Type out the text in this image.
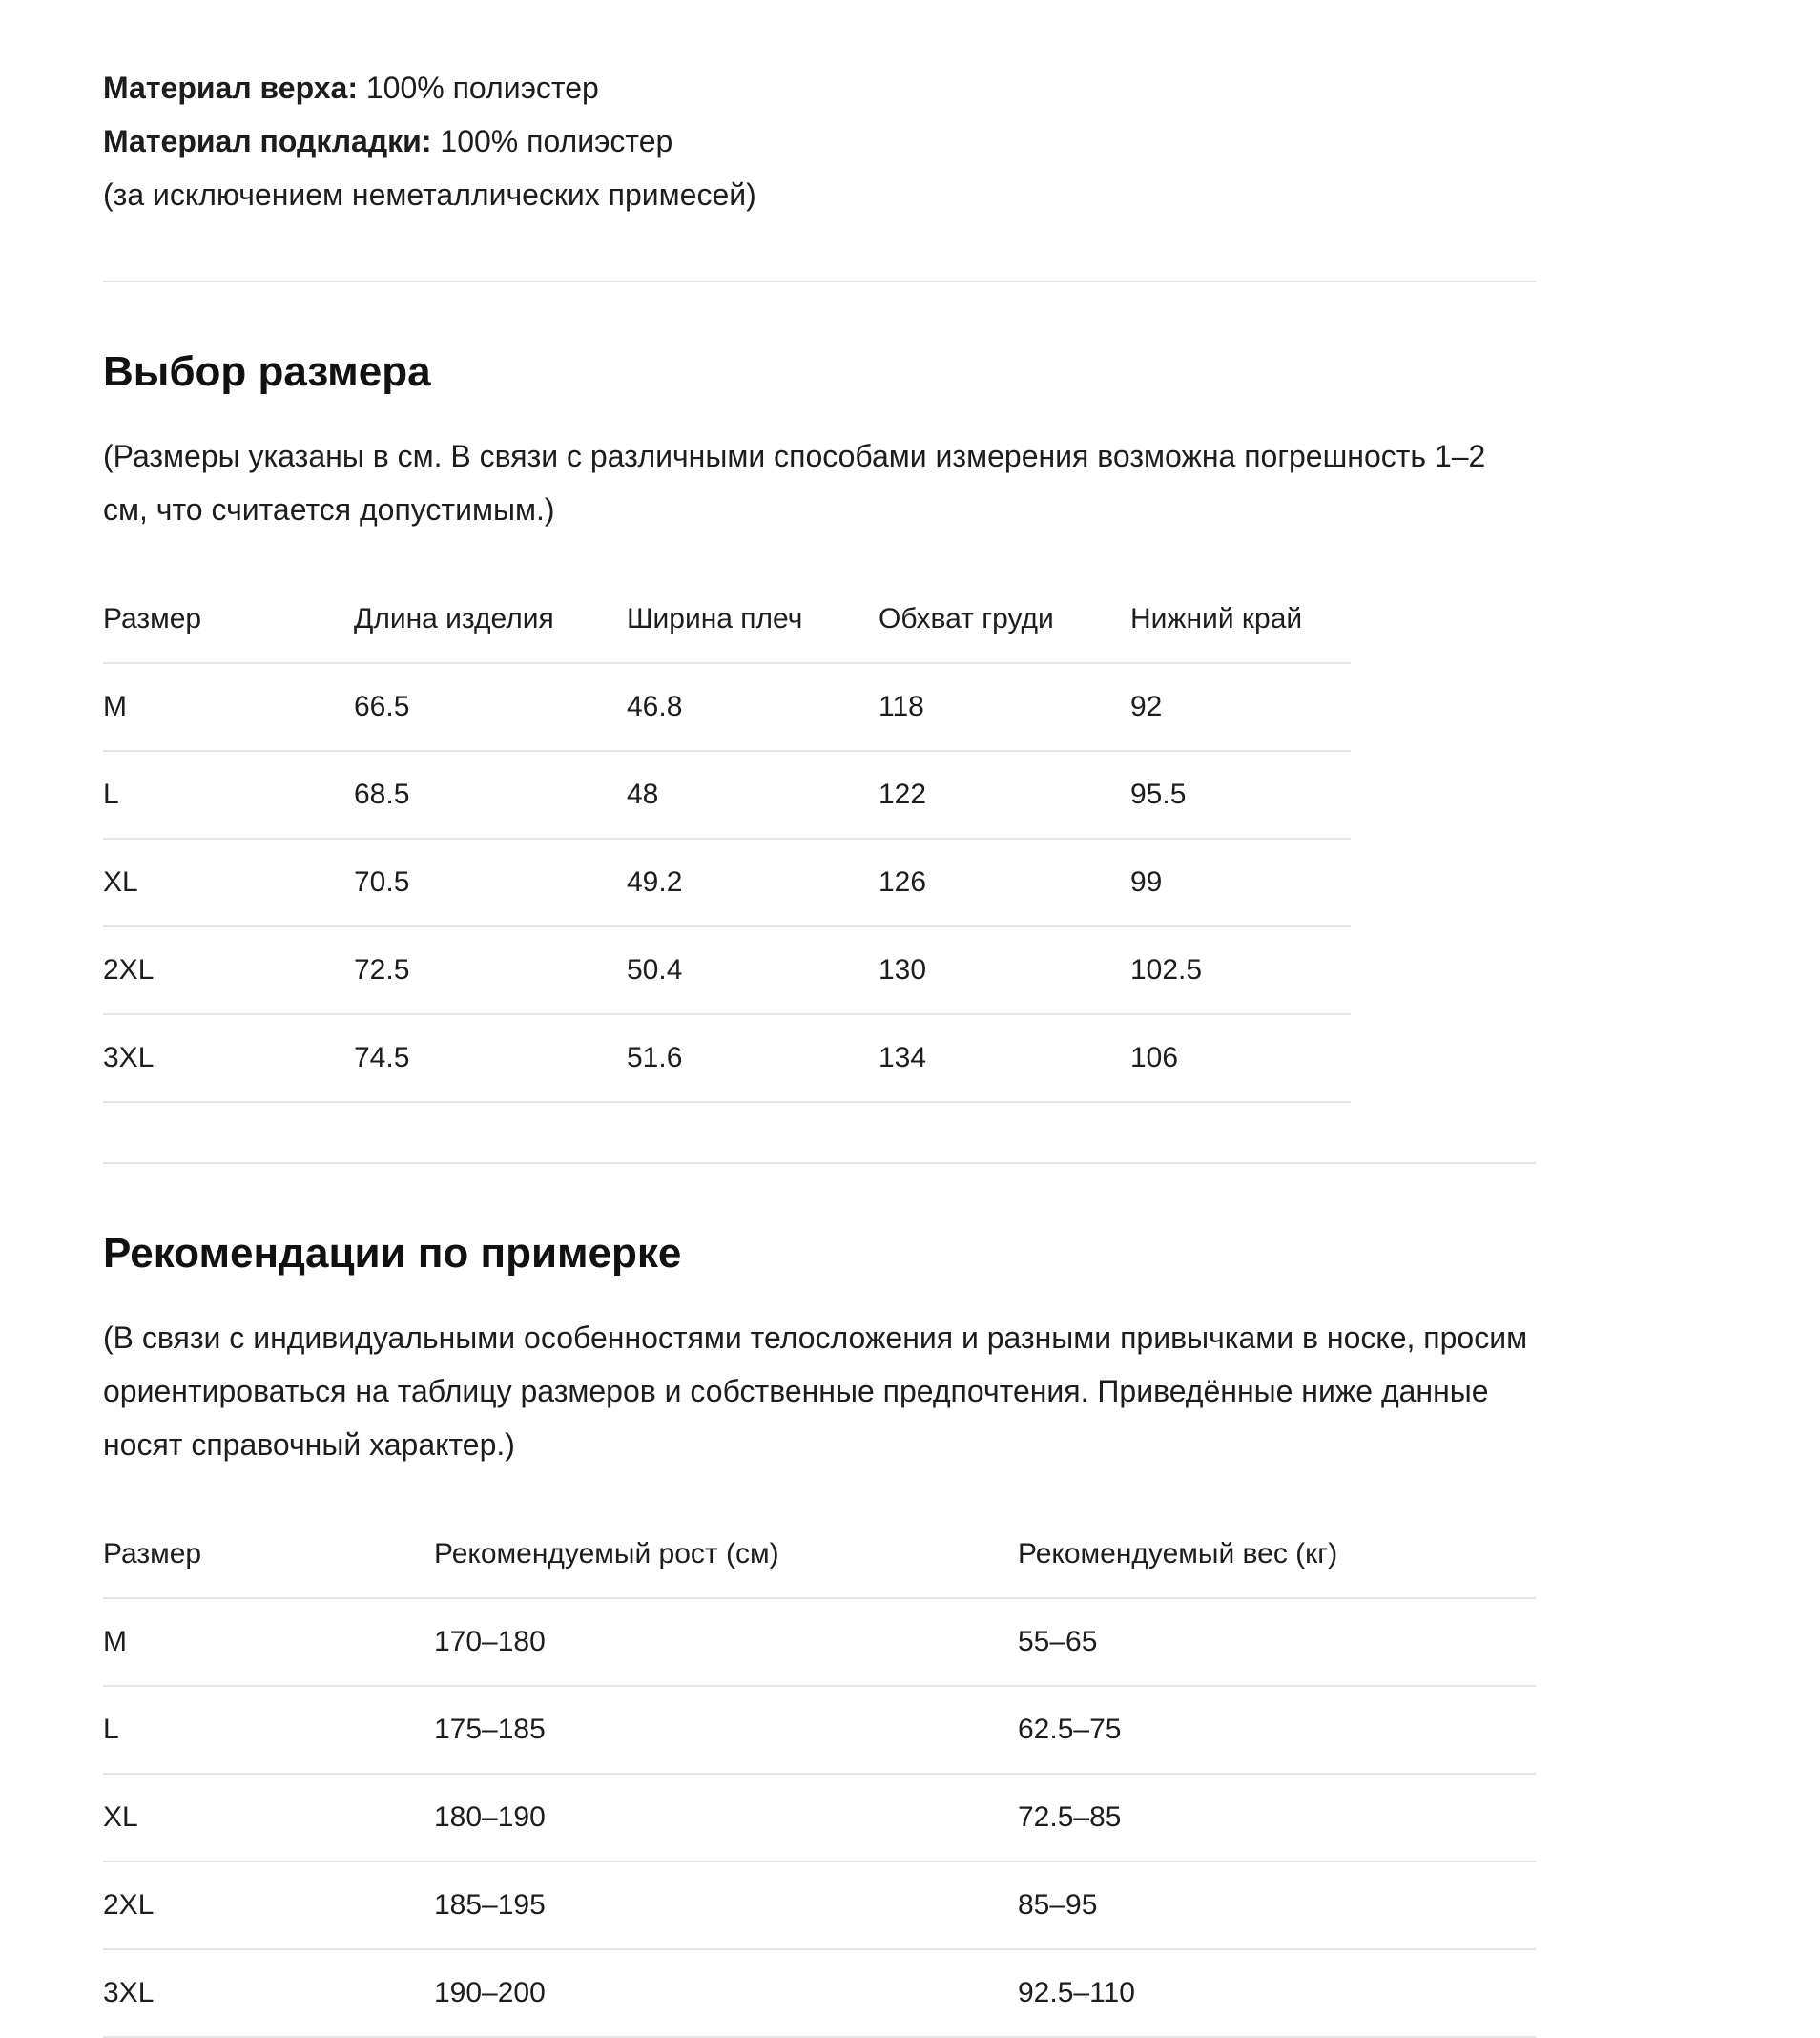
Материал верха: 100% полиэстер
Материал подкладки: 100% полиэстер
(за исключением неметаллических примесей)
Выбор размера

(Размеры указаны в см. В связи с различными способами измерения возможна погрешность 1–2 см, что считается допустимым.)

Размер	Длина изделия	Ширина плеч	Обхват груди	Нижний край
M	66.5	46.8	118	92
L	68.5	48	122	95.5
XL	70.5	49.2	126	99
2XL	72.5	50.4	130	102.5
3XL	74.5	51.6	134	106
Рекомендации по примерке

(В связи с индивидуальными особенностями телосложения и разными привычками в носке, просим ориентироваться на таблицу размеров и собственные предпочтения. Приведённые ниже данные носят справочный характер.)

Размер	Рекомендуемый рост (см)	Рекомендуемый вес (кг)
M	170–180	55–65
L	175–185	62.5–75
XL	180–190	72.5–85
2XL	185–195	85–95
3XL	190–200	92.5–110
